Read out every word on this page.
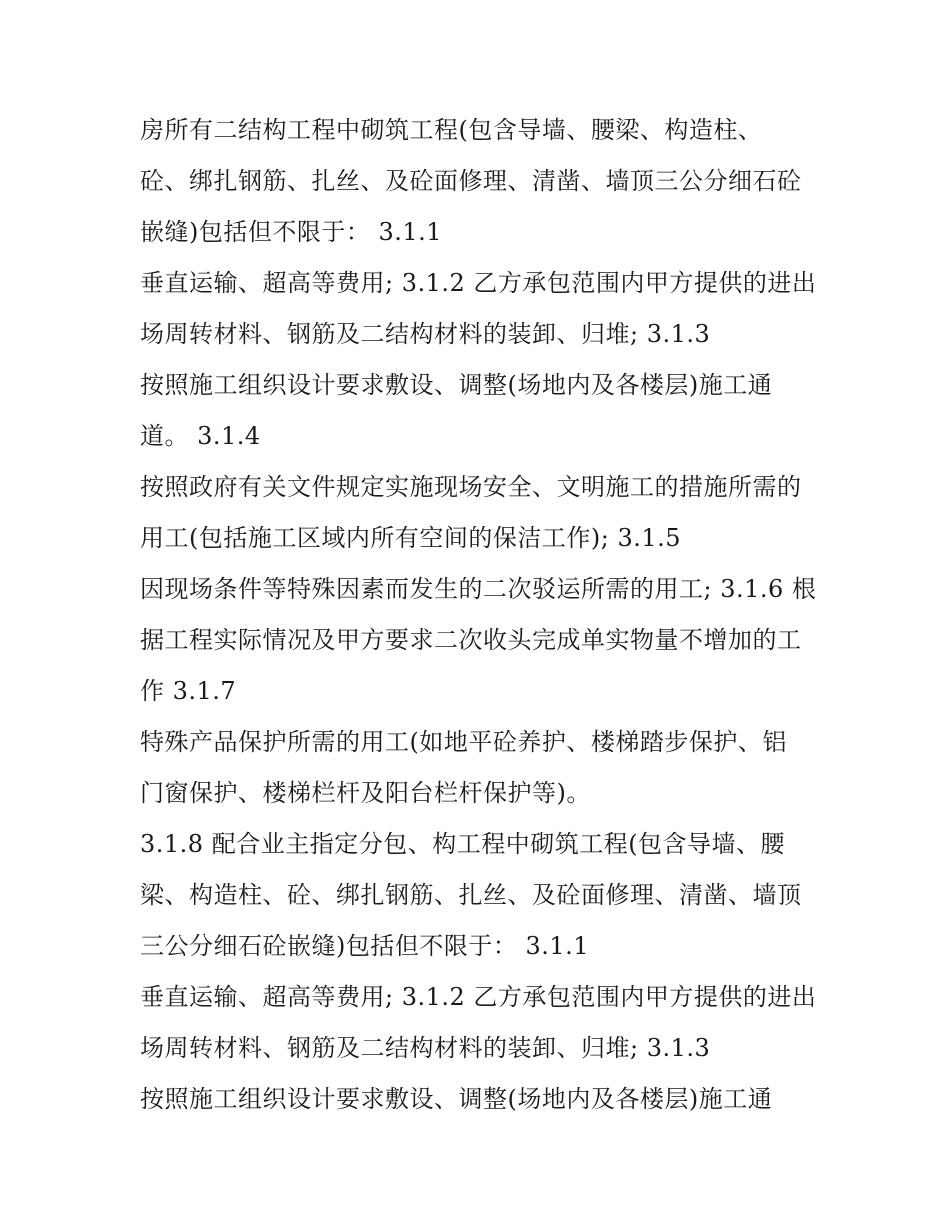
房所有二结构工程中砌筑工程(包含导墙、腰梁、构造柱、
砼、绑扎钢筋、扎丝、及砼面修理、清凿、墙顶三公分细石砼
嵌缝)包括但不限于： 3.1.1
垂直运输、超高等费用; 3.1.2 乙方承包范围内甲方提供的进出
场周转材料、钢筋及二结构材料的装卸、归堆; 3.1.3
按照施工组织设计要求敷设、调整(场地内及各楼层)施工通
道。 3.1.4
按照政府有关文件规定实施现场安全、文明施工的措施所需的
用工(包括施工区域内所有空间的保洁工作); 3.1.5
因现场条件等特殊因素而发生的二次驳运所需的用工; 3.1.6 根
据工程实际情况及甲方要求二次收头完成单实物量不增加的工
作 3.1.7
特殊产品保护所需的用工(如地平砼养护、楼梯踏步保护、铝
门窗保护、楼梯栏杆及阳台栏杆保护等)。
3.1.8 配合业主指定分包、构工程中砌筑工程(包含导墙、腰
梁、构造柱、砼、绑扎钢筋、扎丝、及砼面修理、清凿、墙顶
三公分细石砼嵌缝)包括但不限于： 3.1.1
垂直运输、超高等费用; 3.1.2 乙方承包范围内甲方提供的进出
场周转材料、钢筋及二结构材料的装卸、归堆; 3.1.3
按照施工组织设计要求敷设、调整(场地内及各楼层)施工通
